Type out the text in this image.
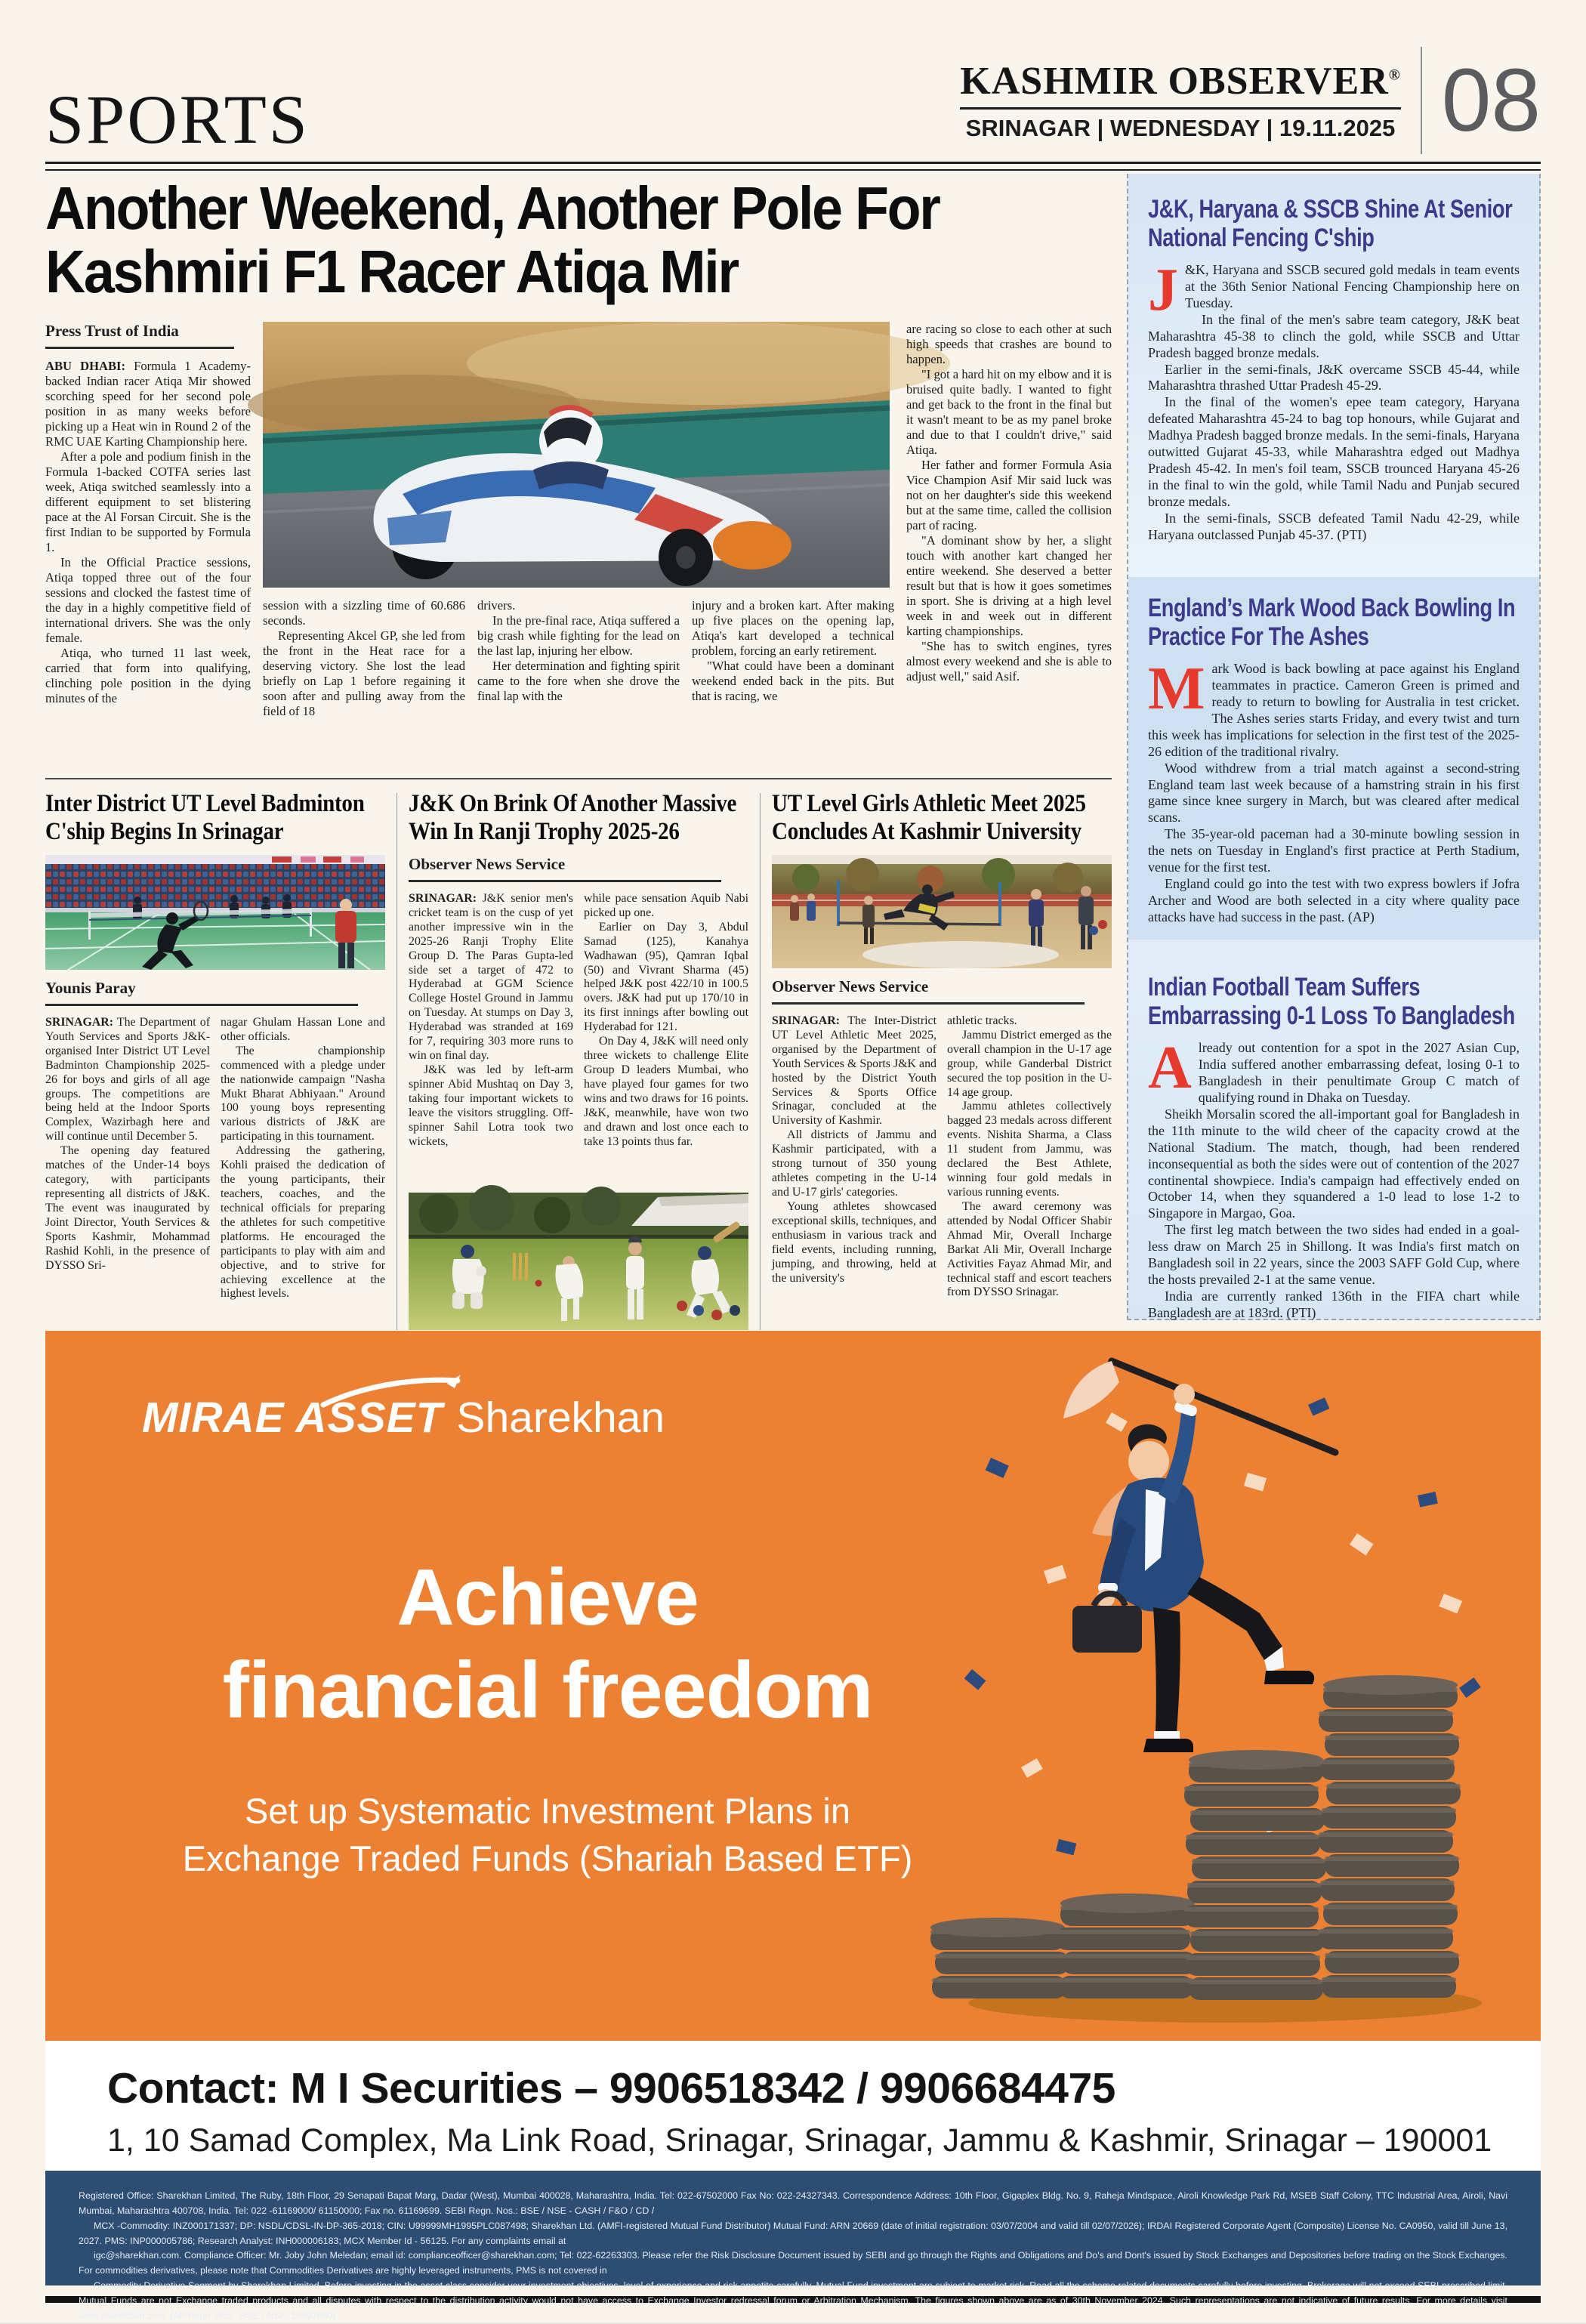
SPORTS	KASHMIR OBSERVER®
SRINAGAR | WEDNESDAY | 19.11.2025 08
Another Weekend, Another Pole For Kashmiri F1 Racer Atiqa Mir
Press Trust of India

ABU DHABI: Formula 1 Academy-backed Indian racer Atiqa Mir showed scorching speed for her second pole position in as many weeks before picking up a Heat win in Round 2 of the RMC UAE Karting Championship here.

After a pole and podium finish in the Formula 1-backed COTFA series last week, Atiqa switched seamlessly into a different equipment to set blistering pace at the Al Forsan Circuit. She is the first Indian to be supported by Formula 1.

In the Official Practice sessions, Atiqa topped three out of the four sessions and clocked the fastest time of the day in a highly competitive field of international drivers. She was the only female.

Atiqa, who turned 11 last week, carried that form into qualifying, clinching pole position in the dying minutes of the

session with a sizzling time of 60.686 seconds.

Representing Akcel GP, she led from the front in the Heat race for a deserving victory. She lost the lead briefly on Lap 1 before regaining it soon after and pulling away from the field of 18

drivers.

In the pre-final race, Atiqa suffered a big crash while fighting for the lead on the last lap, injuring her elbow.

Her determination and fighting spirit came to the fore when she drove the final lap with the

injury and a broken kart. After making up five places on the opening lap, Atiqa's kart developed a technical problem, forcing an early retirement.

"What could have been a dominant weekend ended back in the pits. But that is racing, we

are racing so close to each other at such high speeds that crashes are bound to happen.

"I got a hard hit on my elbow and it is bruised quite badly. I wanted to fight and get back to the front in the final but it wasn't meant to be as my panel broke and due to that I couldn't drive," said Atiqa.

Her father and former Formula Asia Vice Champion Asif Mir said luck was not on her daughter's side this weekend but at the same time, called the collision part of racing.

"A dominant show by her, a slight touch with another kart changed her entire weekend. She deserved a better result but that is how it goes sometimes in sport. She is driving at a high level week in and week out in different karting championships.

"She has to switch engines, tyres almost every weekend and she is able to adjust well," said Asif.

Inter District UT Level Badminton C'ship Begins In Srinagar
Younis Paray

SRINAGAR: The Department of Youth Services and Sports J&K-organised Inter District UT Level Badminton Championship 2025-26 for boys and girls of all age groups. The competitions are being held at the Indoor Sports Complex, Wazirbagh here and will continue until December 5.

The opening day featured matches of the Under-14 boys category, with participants representing all districts of J&K. The event was inaugurated by Joint Director, Youth Services & Sports Kashmir, Mohammad Rashid Kohli, in the presence of DYSSO Sri-

nagar Ghulam Hassan Lone and other officials.

The championship commenced with a pledge under the nationwide campaign "Nasha Mukt Bharat Abhiyaan." Around 100 young boys representing various districts of J&K are participating in this tournament.

Addressing the gathering, Kohli praised the dedication of the young participants, their teachers, coaches, and the technical officials for preparing the athletes for such competitive platforms. He encouraged the participants to play with aim and objective, and to strive for achieving excellence at the highest levels.

J&K On Brink Of Another Massive Win In Ranji Trophy 2025-26
Observer News Service

SRINAGAR: J&K senior men's cricket team is on the cusp of yet another impressive win in the 2025-26 Ranji Trophy Elite Group D. The Paras Gupta-led side set a target of 472 to Hyderabad at GGM Science College Hostel Ground in Jammu on Tuesday. At stumps on Day 3, Hyderabad was stranded at 169 for 7, requiring 303 more runs to win on final day.

J&K was led by left-arm spinner Abid Mushtaq on Day 3, taking four important wickets to leave the visitors struggling. Off-spinner Sahil Lotra took two wickets,

while pace sensation Aquib Nabi picked up one.

Earlier on Day 3, Abdul Samad (125), Kanahya Wadhawan (95), Qamran Iqbal (50) and Vivrant Sharma (45) helped J&K post 422/10 in 100.5 overs. J&K had put up 170/10 in its first innings after bowling out Hyderabad for 121.

On Day 4, J&K will need only three wickets to challenge Elite Group D leaders Mumbai, who have played four games for two wins and two draws for 16 points. J&K, meanwhile, have won two and drawn and lost once each to take 13 points thus far.

UT Level Girls Athletic Meet 2025 Concludes At Kashmir University
Observer News Service

SRINAGAR: The Inter-District UT Level Athletic Meet 2025, organised by the Department of Youth Services & Sports J&K and hosted by the District Youth Services & Sports Office Srinagar, concluded at the University of Kashmir.

All districts of Jammu and Kashmir participated, with a strong turnout of 350 young athletes competing in the U-14 and U-17 girls' categories.

Young athletes showcased exceptional skills, techniques, and enthusiasm in various track and field events, including running, jumping, and throwing, held at the university's

athletic tracks.

Jammu District emerged as the overall champion in the U-17 age group, while Ganderbal District secured the top position in the U-14 age group.

Jammu athletes collectively bagged 23 medals across different events. Nishita Sharma, a Class 11 student from Jammu, was declared the Best Athlete, winning four gold medals in various running events.

The award ceremony was attended by Nodal Officer Shabir Ahmad Mir, Overall Incharge Barkat Ali Mir, Overall Incharge Activities Fayaz Ahmad Mir, and technical staff and escort teachers from DYSSO Srinagar.

J&K, Haryana & SSCB Shine At Senior National Fencing C'ship

J &K, Haryana and SSCB secured gold medals in team events at the 36th Senior National Fencing Championship here on Tuesday.

In the final of the men's sabre team category, J&K beat Maharashtra 45-38 to clinch the gold, while SSCB and Uttar Pradesh bagged bronze medals.

Earlier in the semi-finals, J&K overcame SSCB 45-44, while Maharashtra thrashed Uttar Pradesh 45-29.

In the final of the women's epee team category, Haryana defeated Maharashtra 45-24 to bag top honours, while Gujarat and Madhya Pradesh bagged bronze medals. In the semi-finals, Haryana outwitted Gujarat 45-33, while Maharashtra edged out Madhya Pradesh 45-42. In men's foil team, SSCB trounced Haryana 45-26 in the final to win the gold, while Tamil Nadu and Punjab secured bronze medals.

In the semi-finals, SSCB defeated Tamil Nadu 42-29, while Haryana outclassed Punjab 45-37. (PTI)

England’s Mark Wood Back Bowling In Practice For The Ashes

Mark Wood is back bowling at pace against his England teammates in practice. Cameron Green is primed and ready to return to bowling for Australia in test cricket. The Ashes series starts Friday, and every twist and turn this week has implications for selection in the first test of the 2025-26 edition of the traditional rivalry.

Wood withdrew from a trial match against a second-string England team last week because of a hamstring strain in his first game since knee surgery in March, but was cleared after medical scans.

The 35-year-old paceman had a 30-minute bowling session in the nets on Tuesday in England's first practice at Perth Stadium, venue for the first test.

England could go into the test with two express bowlers if Jofra Archer and Wood are both selected in a city where quality pace attacks have had success in the past. (AP)

Indian Football Team Suffers Embarrassing 0-1 Loss To Bangladesh

Already out contention for a spot in the 2027 Asian Cup, India suffered another embarrassing defeat, losing 0-1 to Bangladesh in their penultimate Group C match of qualifying round in Dhaka on Tuesday.

Sheikh Morsalin scored the all-important goal for Bangladesh in the 11th minute to the wild cheer of the capacity crowd at the National Stadium. The match, though, had been rendered inconsequential as both the sides were out of contention of the 2027 continental showpiece. India's campaign had effectively ended on October 14, when they squandered a 1-0 lead to lose 1-2 to Singapore in Margao, Goa.

The first leg match between the two sides had ended in a goal-less draw on March 25 in Shillong. It was India's first match on Bangladesh soil in 22 years, since the 2003 SAFF Gold Cup, where the hosts prevailed 2-1 at the same venue.

India are currently ranked 136th in the FIFA chart while Bangladesh are at 183rd. (PTI)

MIRAE ASSET Sharekhan
Achieve
financial freedom
Set up Systematic Investment Plans in
Exchange Traded Funds (Shariah Based ETF)
Contact: M I Securities – 9906518342 / 9906684475
1, 10 Samad Complex, Ma Link Road, Srinagar, Srinagar, Jammu & Kashmir, Srinagar – 190001

Registered Office: Sharekhan Limited, The Ruby, 18th Floor, 29 Senapati Bapat Marg, Dadar (West), Mumbai 400028, Maharashtra, India. Tel: 022-67502000 Fax No: 022-24327343. Correspondence Address: 10th Floor, Gigaplex Bldg. No. 9, Raheja Mindspace, Airoli Knowledge Park Rd, MSEB Staff Colony, TTC Industrial Area, Airoli, Navi Mumbai, Maharashtra 400708, India. Tel: 022 -61169000/ 61150000; Fax no. 61169699. SEBI Regn. Nos.: BSE / NSE - CASH / F&O / CD /

MCX -Commodity: INZ000171337; DP: NSDL/CDSL-IN-DP-365-2018; CIN: U99999MH1995PLC087498; Sharekhan Ltd. (AMFI-registered Mutual Fund Distributor) Mutual Fund: ARN 20669 (date of initial registration: 03/07/2004 and valid till 02/07/2026); IRDAI Registered Corporate Agent (Composite) License No. CA0950, valid till June 13, 2027. PMS: INP000005786; Research Analyst: INH000006183; MCX Member Id - 56125. For any complaints email at

igc@sharekhan.com. Compliance Officer: Mr. Joby John Meledan; email id: complianceofficer@sharekhan.com; Tel: 022-62263303. Please refer the Risk Disclosure Document issued by SEBI and go through the Rights and Obligations and Do's and Dont's issued by Stock Exchanges and Depositories before trading on the Stock Exchanges. For commodities derivatives, please note that Commodities Derivatives are highly leveraged instruments, PMS is not covered in

Commodity Derivative Segment by Sharekhan Limited. Before investing in the asset class consider your investment objectives, level of experience and risk appetite carefully. Mutual Fund investment are subject to market risk. Read all the scheme related documents carefully before investing. Brokerage will not exceed SEBI prescribed limit. Mutual Funds are not Exchange traded products and all disputes with respect to the distribution activity would not have access to Exchange Investor redressal forum or Arbitration Mechanism. The figures shown above are as of 30th November 2024. Such representations are not indicative of future results. For more details visit www.sharekhan.com. (AP Regn. Nos.: BSE / NSE: 10697080)
